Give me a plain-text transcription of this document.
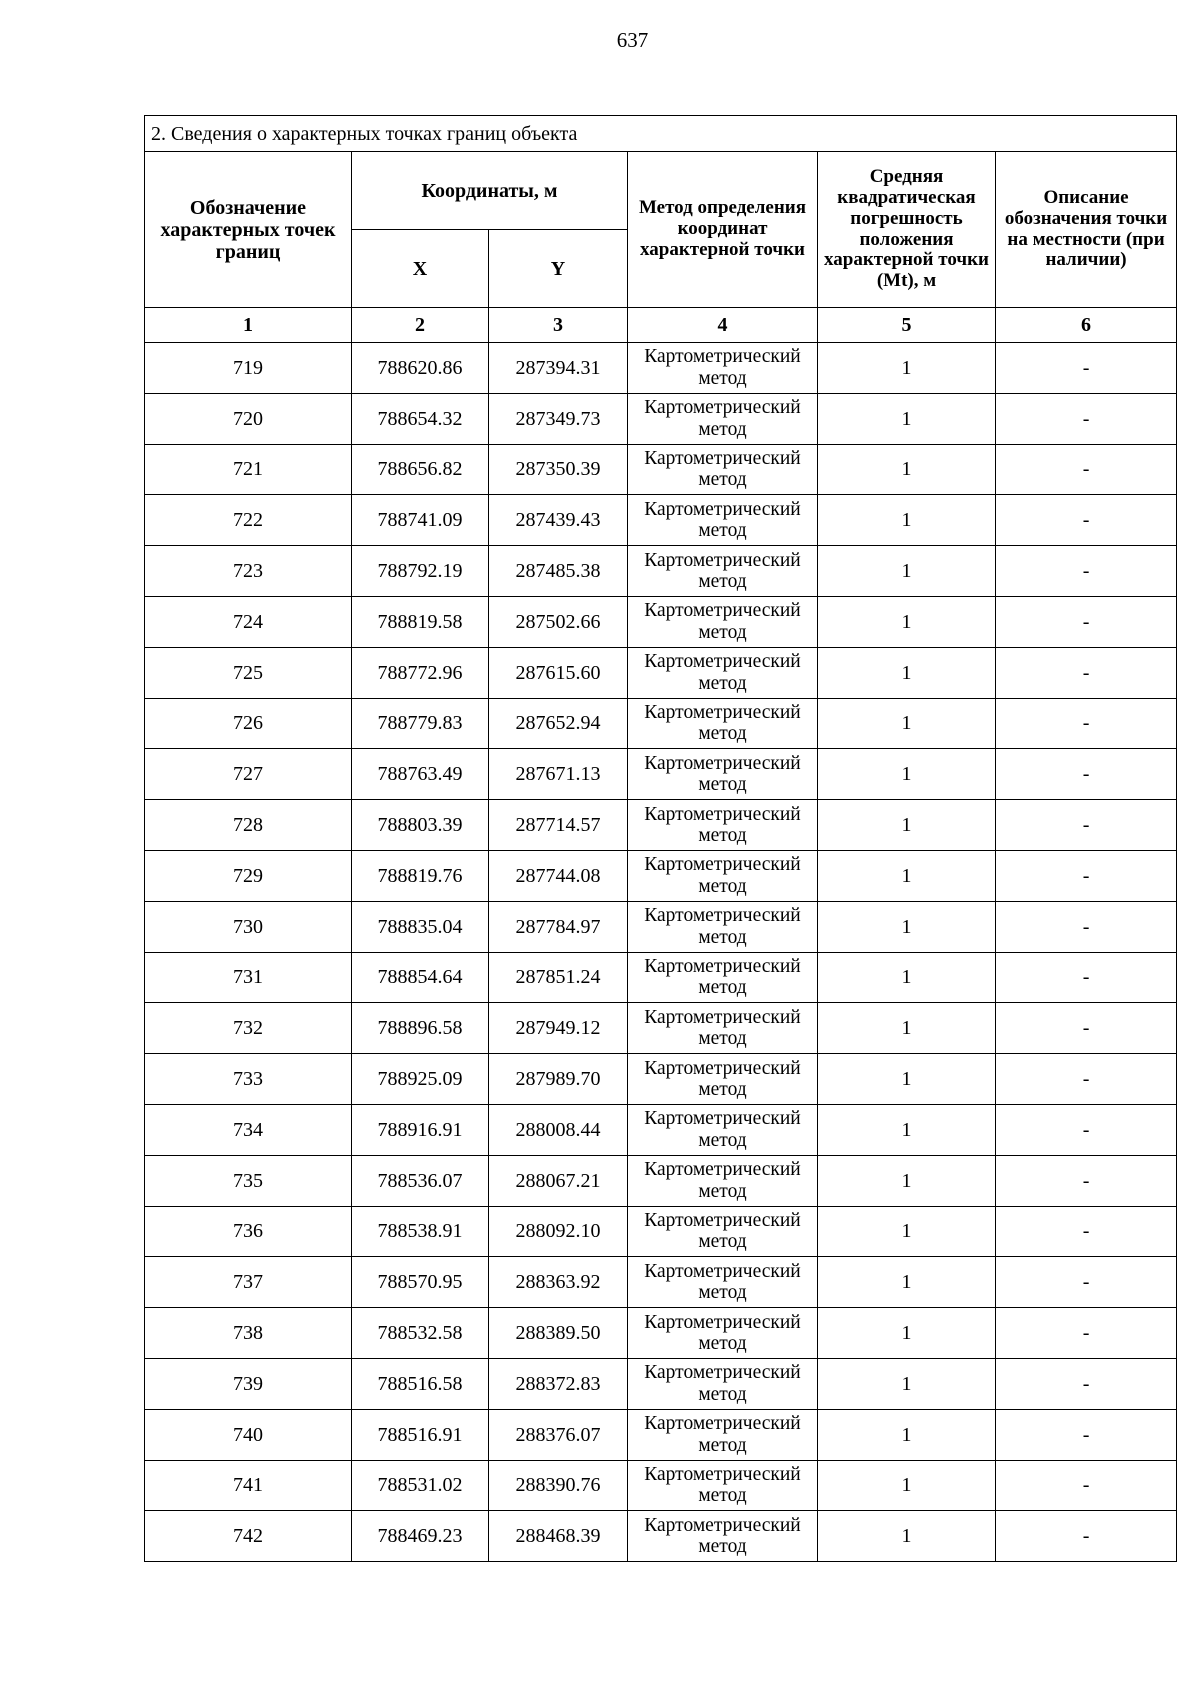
637
2. Сведения о характерных точках границ объекта					
Обозначение характерных точек границ	Координаты, м		Метод определения координат характерной точки	Средняя квадратическая погрешность положения характерной точки (Mt), м	Описание обозначения точки на местности (при наличии)
	X	Y			
1	2	3	4	5	6
719	788620.86	287394.31	Картометрический метод	1	-
720	788654.32	287349.73	Картометрический метод	1	-
721	788656.82	287350.39	Картометрический метод	1	-
722	788741.09	287439.43	Картометрический метод	1	-
723	788792.19	287485.38	Картометрический метод	1	-
724	788819.58	287502.66	Картометрический метод	1	-
725	788772.96	287615.60	Картометрический метод	1	-
726	788779.83	287652.94	Картометрический метод	1	-
727	788763.49	287671.13	Картометрический метод	1	-
728	788803.39	287714.57	Картометрический метод	1	-
729	788819.76	287744.08	Картометрический метод	1	-
730	788835.04	287784.97	Картометрический метод	1	-
731	788854.64	287851.24	Картометрический метод	1	-
732	788896.58	287949.12	Картометрический метод	1	-
733	788925.09	287989.70	Картометрический метод	1	-
734	788916.91	288008.44	Картометрический метод	1	-
735	788536.07	288067.21	Картометрический метод	1	-
736	788538.91	288092.10	Картометрический метод	1	-
737	788570.95	288363.92	Картометрический метод	1	-
738	788532.58	288389.50	Картометрический метод	1	-
739	788516.58	288372.83	Картометрический метод	1	-
740	788516.91	288376.07	Картометрический метод	1	-
741	788531.02	288390.76	Картометрический метод	1	-
742	788469.23	288468.39	Картометрический метод	1	-
